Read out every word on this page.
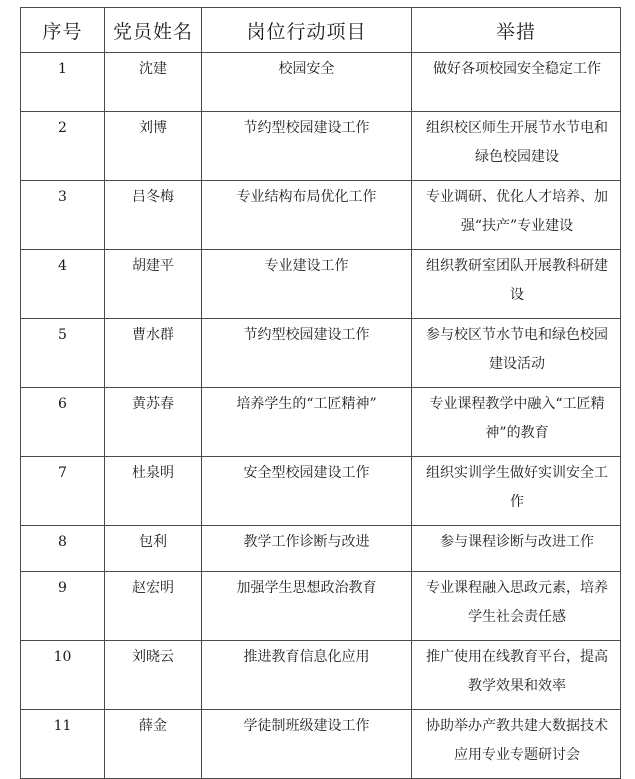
序号	党员姓名	岗位行动项目	举措
1	沈建	校园安全	做好各项校园安全稳定工作
2	刘博	节约型校园建设工作	组织校区师生开展节水节电和绿色校园建设
3	吕冬梅	专业结构布局优化工作	专业调研、优化人才培养、加强“扶产”专业建设
4	胡建平	专业建设工作	组织教研室团队开展教科研建设
5	曹水群	节约型校园建设工作	参与校区节水节电和绿色校园建设活动
6	黄苏春	培养学生的“工匠精神”	专业课程教学中融入“工匠精神”的教育
7	杜泉明	安全型校园建设工作	组织实训学生做好实训安全工作
8	包利	教学工作诊断与改进	参与课程诊断与改进工作
9	赵宏明	加强学生思想政治教育	专业课程融入思政元素，培养学生社会责任感
10	刘晓云	推进教育信息化应用	推广使用在线教育平台，提高教学效果和效率
11	薛金	学徒制班级建设工作	协助举办产教共建大数据技术应用专业专题研讨会
